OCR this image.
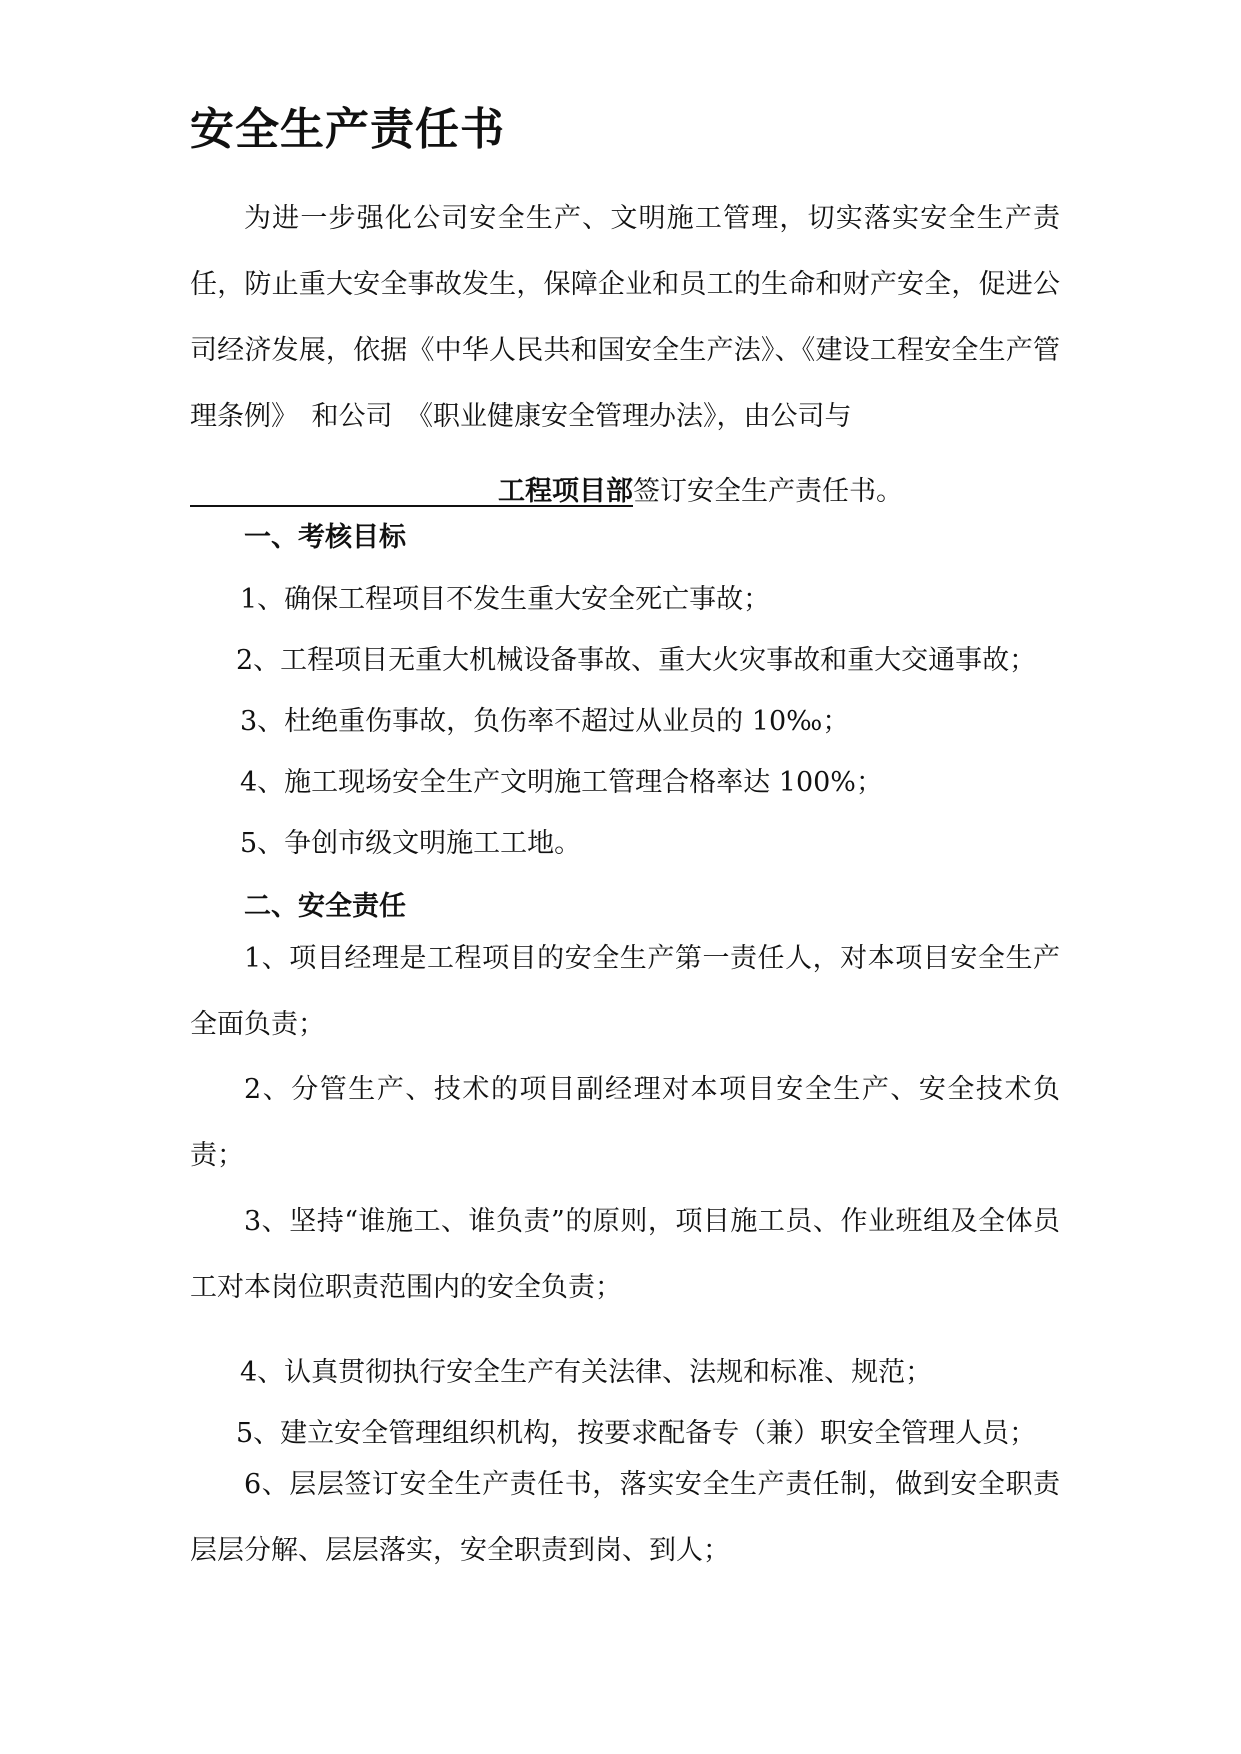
安全生产责任书

为进一步强化公司安全生产、文明施工管理，切实落实安全生产责任，防止重大安全事故发生，保障企业和员工的生命和财产安全，促进公司经济发展，依据《中华人民共和国安全生产法》、《建设工程安全生产管理条例》　和公司　《职业健康安全管理办法》，由公司与

工程项目部签订安全生产责任书。
一、考核目标
1、确保工程项目不发生重大安全死亡事故；
2、工程项目无重大机械设备事故、重大火灾事故和重大交通事故；
3、杜绝重伤事故，负伤率不超过从业员的 10‰；
4、施工现场安全生产文明施工管理合格率达 100%；
5、争创市级文明施工工地。
二、安全责任

1、项目经理是工程项目的安全生产第一责任人，对本项目安全生产全面负责；

2、分管生产、技术的项目副经理对本项目安全生产、安全技术负责；

3、坚持“谁施工、谁负责”的原则，项目施工员、作业班组及全体员工对本岗位职责范围内的安全负责；

4、认真贯彻执行安全生产有关法律、法规和标准、规范；
5、建立安全管理组织机构，按要求配备专（兼）职安全管理人员；

6、层层签订安全生产责任书，落实安全生产责任制，做到安全职责层层分解、层层落实，安全职责到岗、到人；
